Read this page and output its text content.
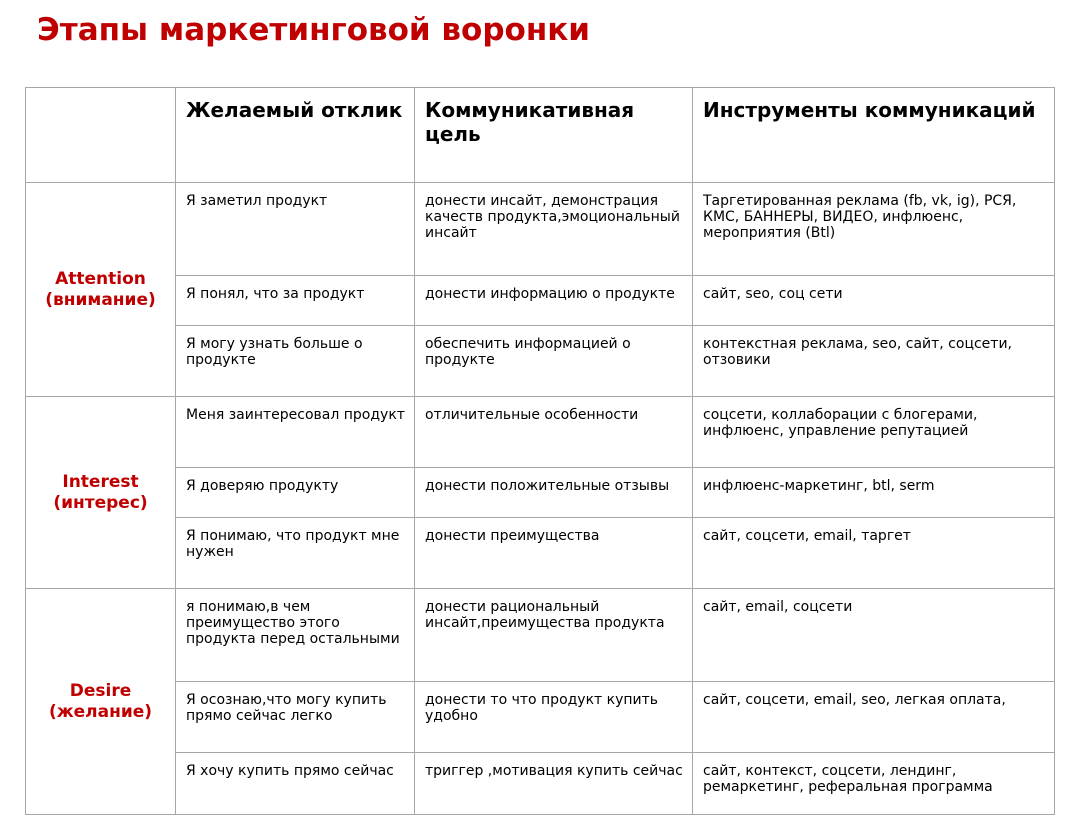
Этапы маркетинговой воронки
	Желаемый отклик	Коммуникативная цель	Инструменты коммуникаций

Attention
(внимание)	Я заметил продукт	донести инсайт, демонстрация качеств продукта,эмоциональный инсайт	Таргетированная реклама (fb, vk, ig), РСЯ, КМС, БАННЕРЫ, ВИДЕО, инфлюенс, мероприятия (Btl)
	Я понял, что за продукт	донести информацию о продукте	сайт, seo, соц сети
	Я могу узнать больше о продукте	обеспечить информацией о продукте	контекстная реклама, seo, сайт, соцсети, отзовики

Interest
(интерес)	Меня заинтересовал продукт	отличительные особенности	соцсети, коллаборации с блогерами, инфлюенс, управление репутацией
	Я доверяю продукту	донести положительные отзывы	инфлюенс-маркетинг, btl, serm
	Я понимаю, что продукт мне нужен	донести преимущества	сайт, соцсети, email, таргет

Desire
(желание)	я понимаю,в чем преимущество этого продукта перед остальными	донести рациональный инсайт,преимущества продукта	сайт, email, соцсети
	Я осознаю,что могу купить прямо сейчас легко	донести то что продукт купить удобно	сайт, соцсети, email, seo, легкая оплата,
	Я хочу купить прямо сейчас	триггер ,мотивация купить сейчас	сайт, контекст, соцсети, лендинг, ремаркетинг, реферальная программа
